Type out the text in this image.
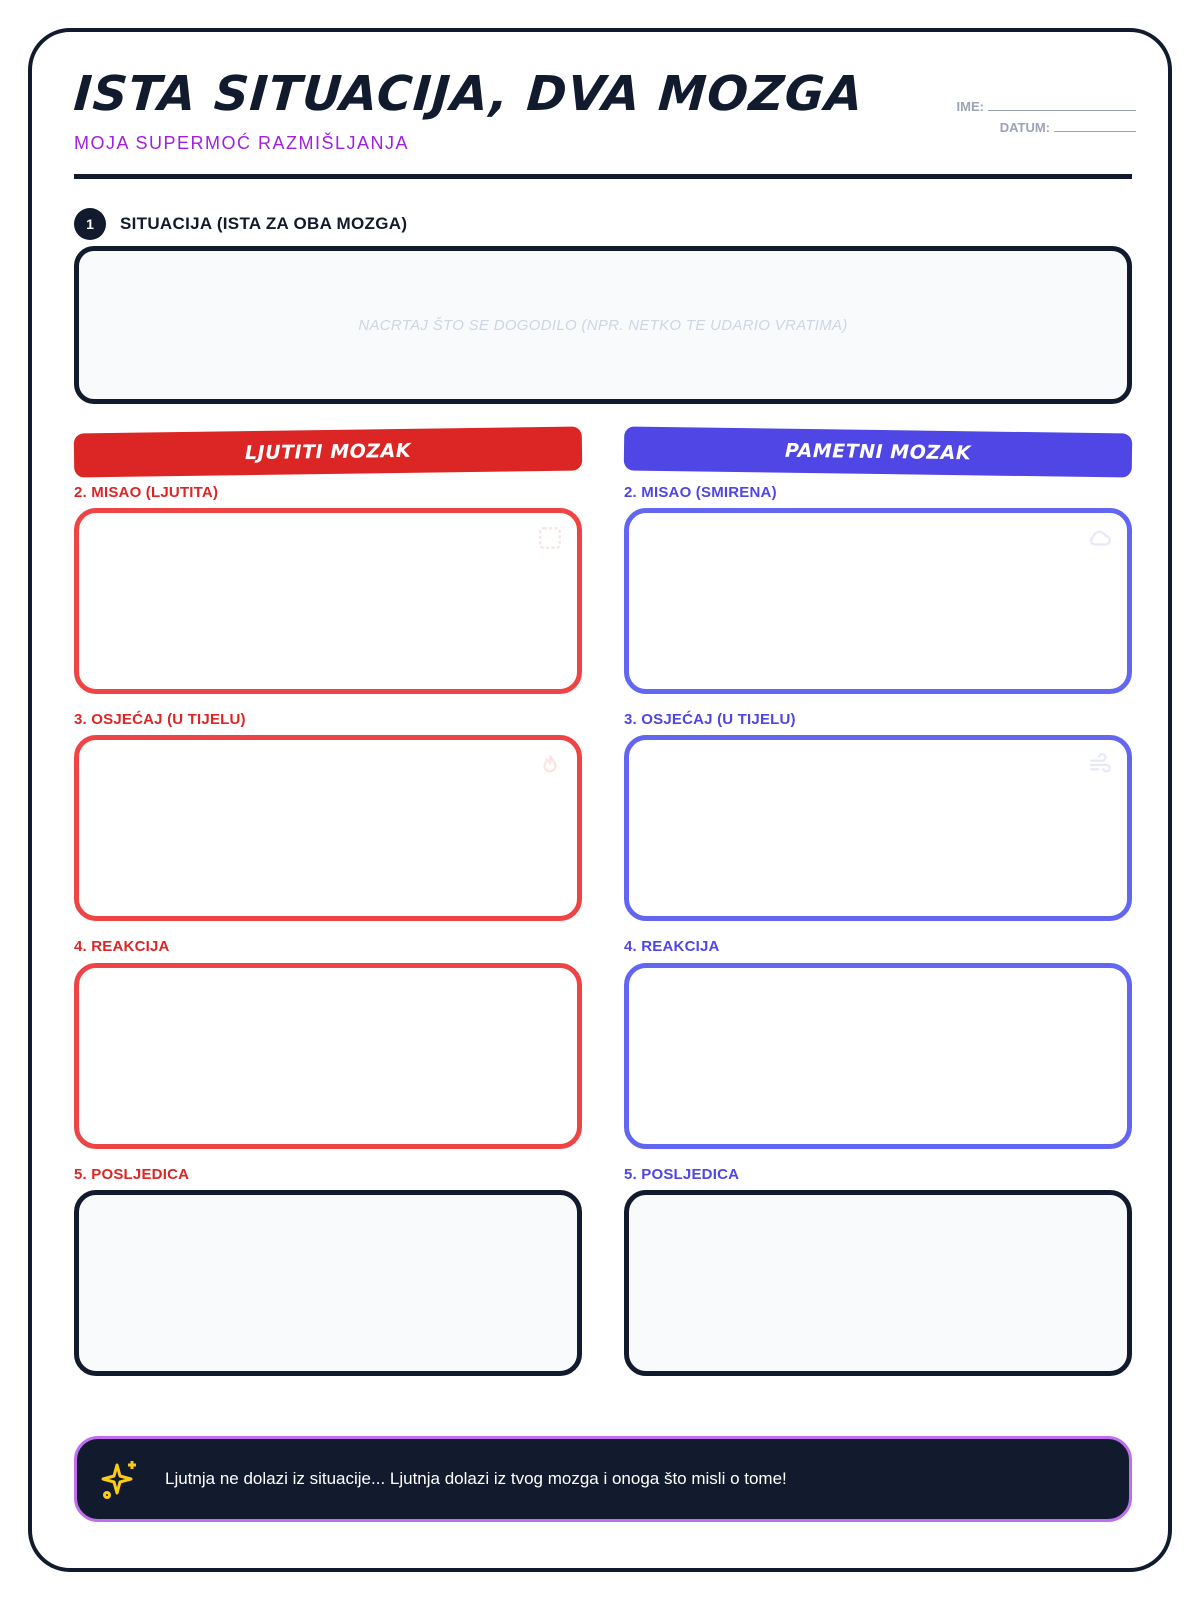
ISTA SITUACIJA, DVA MOZGA
MOJA SUPERMOĆ RAZMIŠLJANJA
IME:
DATUM:
1	SITUACIJA (ISTA ZA OBA MOZGA)
NACRTAJ ŠTO SE DOGODILO (NPR. NETKO TE UDARIO VRATIMA)
LJUTITI MOZAK	PAMETNI MOZAK
2. MISAO (LJUTITA)	2. MISAO (SMIRENA)
3. OSJEĆAJ (U TIJELU)	3. OSJEĆAJ (U TIJELU)
4. REAKCIJA	4. REAKCIJA
5. POSLJEDICA	5. POSLJEDICA
Ljutnja ne dolazi iz situacije... Ljutnja dolazi iz tvog mozga i onoga što misli o tome!
